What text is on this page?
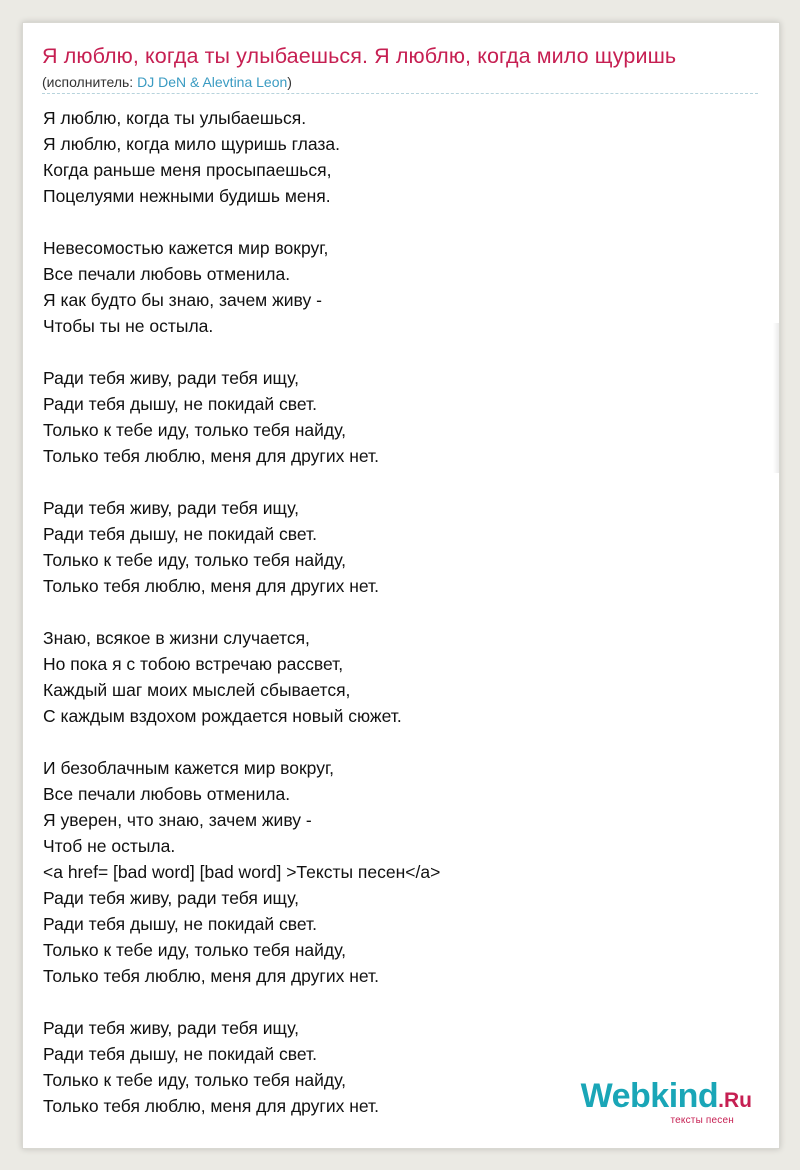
Я люблю, когда ты улыбаешься. Я люблю, когда мило щуришь
(исполнитель: DJ DeN & Alevtina Leon)
Я люблю, когда ты улыбаешься.
Я люблю, когда мило щуришь глаза.
Когда раньше меня просыпаешься,
Поцелуями нежными будишь меня.
Невесомостью кажется мир вокруг,
Все печали любовь отменила.
Я как будто бы знаю, зачем живу -
Чтобы ты не остыла.
Ради тебя живу, ради тебя ищу,
Ради тебя дышу, не покидай свет.
Только к тебе иду, только тебя найду,
Только тебя люблю, меня для других нет.
Ради тебя живу, ради тебя ищу,
Ради тебя дышу, не покидай свет.
Только к тебе иду, только тебя найду,
Только тебя люблю, меня для других нет.
Знаю, всякое в жизни случается,
Но пока я с тобою встречаю рассвет,
Каждый шаг моих мыслей сбывается,
С каждым вздохом рождается новый сюжет.
И безоблачным кажется мир вокруг,
Все печали любовь отменила.
Я уверен, что знаю, зачем живу -
Чтоб не остыла.
<a href= [bad word] [bad word] >Тексты песен</a>
Ради тебя живу, ради тебя ищу,
Ради тебя дышу, не покидай свет.
Только к тебе иду, только тебя найду,
Только тебя люблю, меня для других нет.
Ради тебя живу, ради тебя ищу,
Ради тебя дышу, не покидай свет.
Только к тебе иду, только тебя найду,
Только тебя люблю, меня для других нет.	Webkind.Ru
тексты песен
